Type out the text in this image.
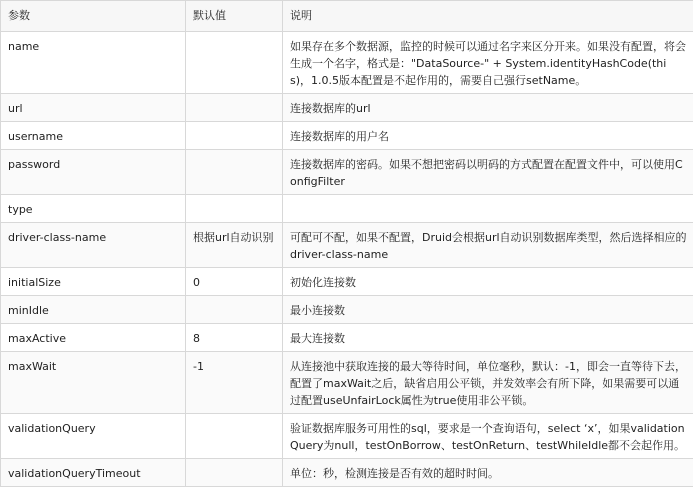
参数	默认值	说明
name		如果存在多个数据源，监控的时候可以通过名字来区分开来。如果没有配置，将会生成一个名字，格式是："DataSource-" + System.identityHashCode(this)，1.0.5版本配置是不起作用的，需要自己强行setName。
url		连接数据库的url
username		连接数据库的用户名
password		连接数据库的密码。如果不想把密码以明码的方式配置在配置文件中，可以使用ConfigFilter
type		
driver-class-name	根据url自动识别	可配可不配，如果不配置，Druid会根据url自动识别数据库类型，然后选择相应的driver-class-name
initialSize	0	初始化连接数
minIdle		最小连接数
maxActive	8	最大连接数
maxWait	-1	从连接池中获取连接的最大等待时间，单位毫秒，默认：-1，即会一直等待下去，配置了maxWait之后，缺省启用公平锁，并发效率会有所下降，如果需要可以通过配置useUnfairLock属性为true使用非公平锁。
validationQuery		验证数据库服务可用性的sql，要求是一个查询语句，select ‘x’，如果validationQuery为null，testOnBorrow、testOnReturn、testWhileIdle都不会起作用。
validationQueryTimeout		单位：秒，检测连接是否有效的超时时间。
